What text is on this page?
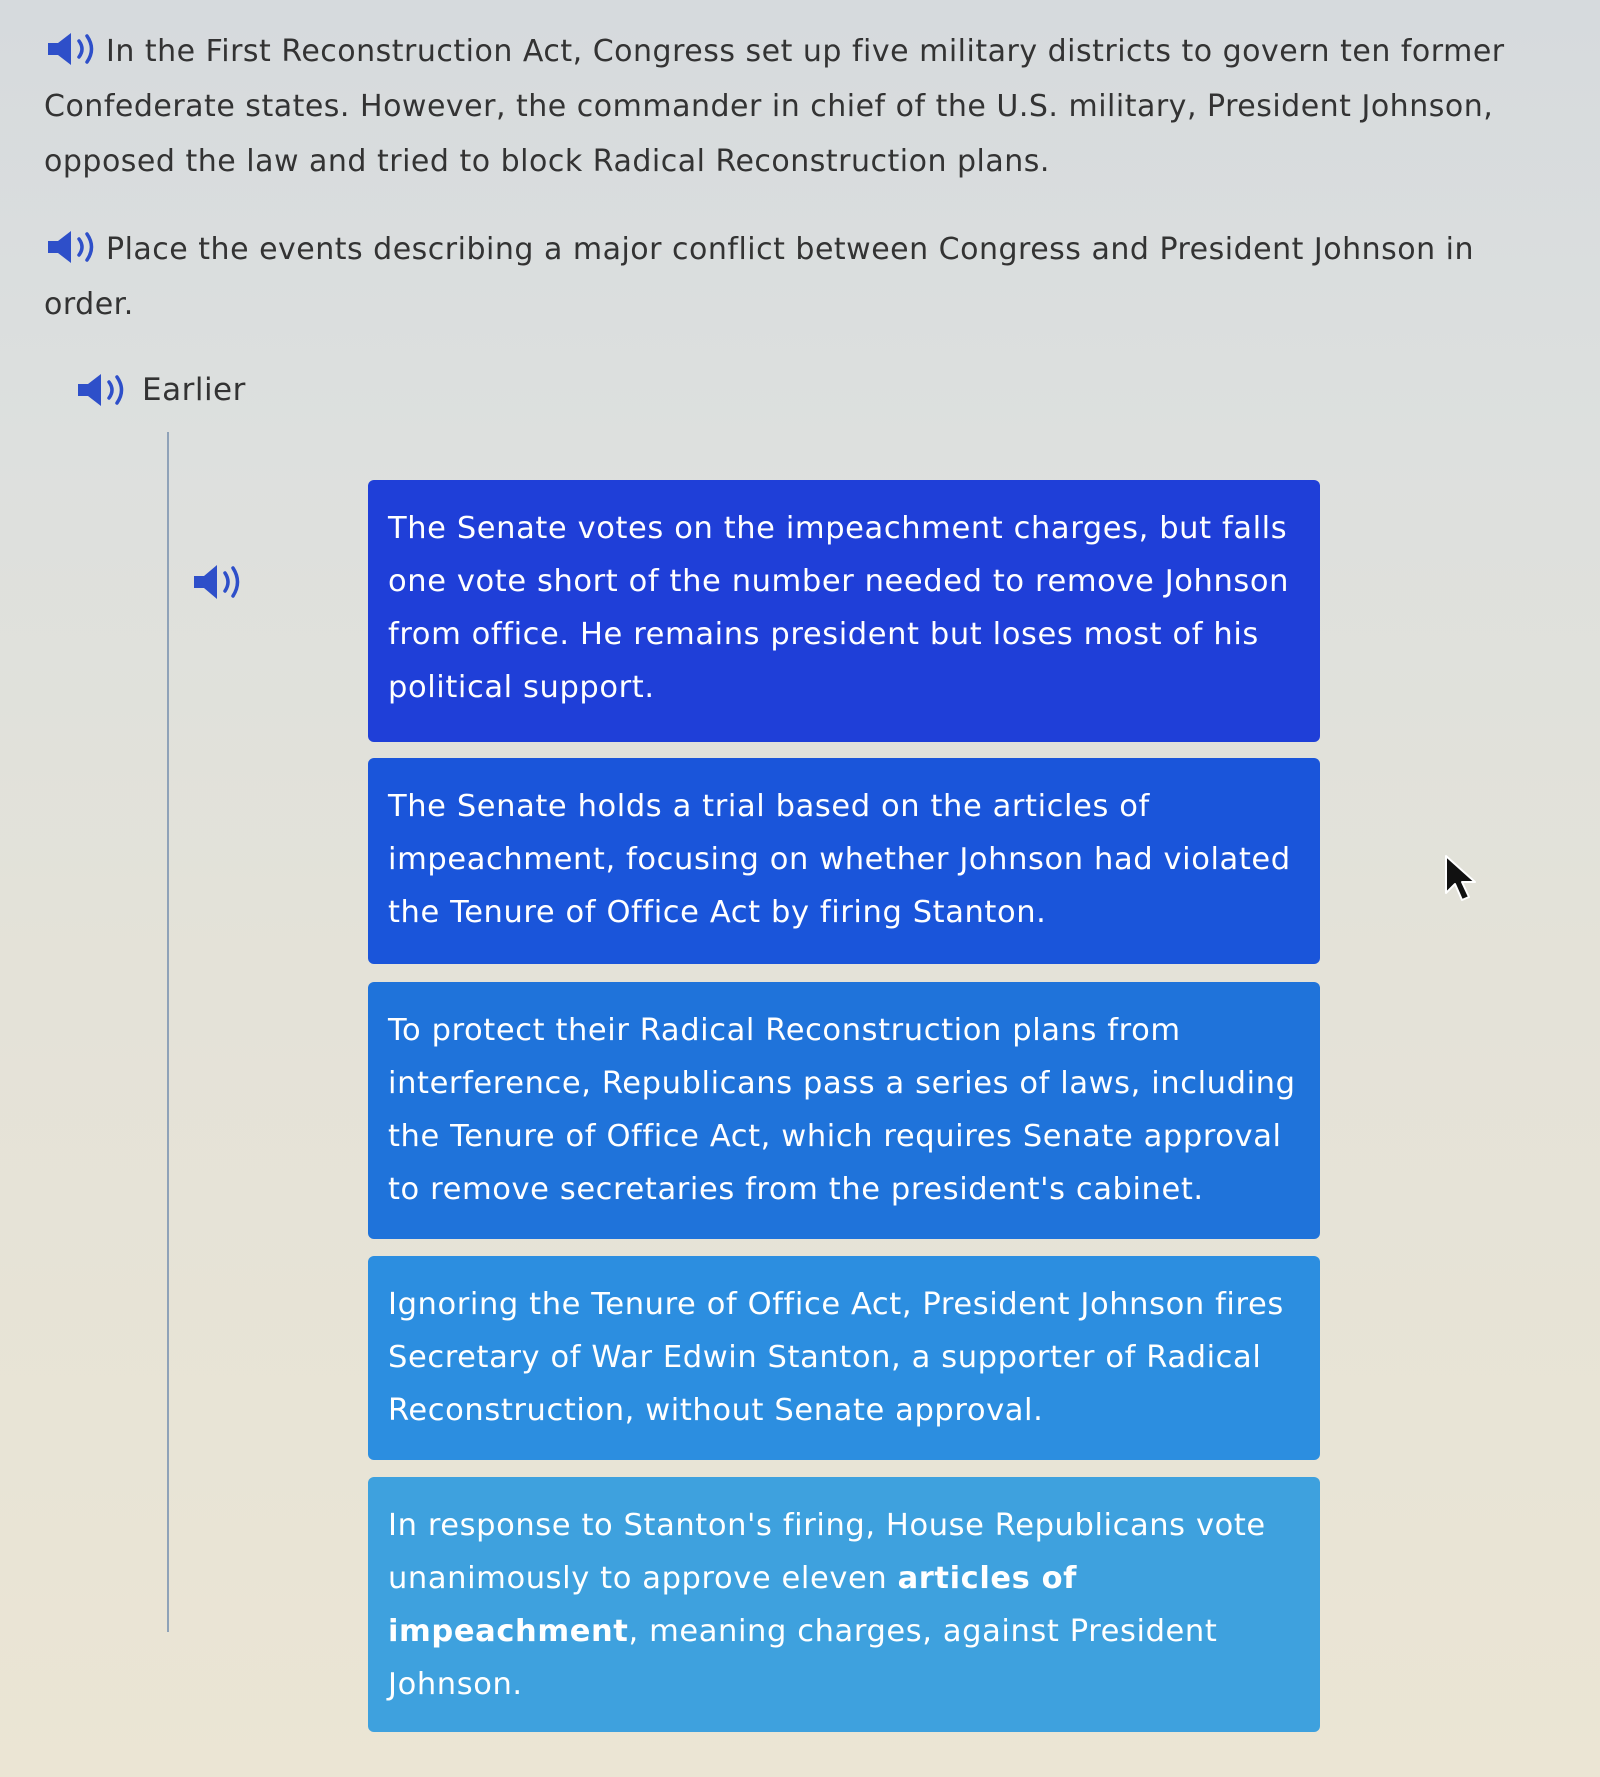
In the First Reconstruction Act, Congress set up five military districts to govern ten former Confederate states. However, the commander in chief of the U.S. military, President Johnson, opposed the law and tried to block Radical Reconstruction plans.

Place the events describing a major conflict between Congress and President Johnson in order.

Earlier
The Senate votes on the impeachment charges, but falls one vote short of the number needed to remove Johnson from office. He remains president but loses most of his political support.
The Senate holds a trial based on the articles of impeachment, focusing on whether Johnson had violated the Tenure of Office Act by firing Stanton.
To protect their Radical Reconstruction plans from interference, Republicans pass a series of laws, including the Tenure of Office Act, which requires Senate approval to remove secretaries from the president's cabinet.
Ignoring the Tenure of Office Act, President Johnson fires Secretary of War Edwin Stanton, a supporter of Radical Reconstruction, without Senate approval.
In response to Stanton's firing, House Republicans vote unanimously to approve eleven articles of impeachment, meaning charges, against President Johnson.
